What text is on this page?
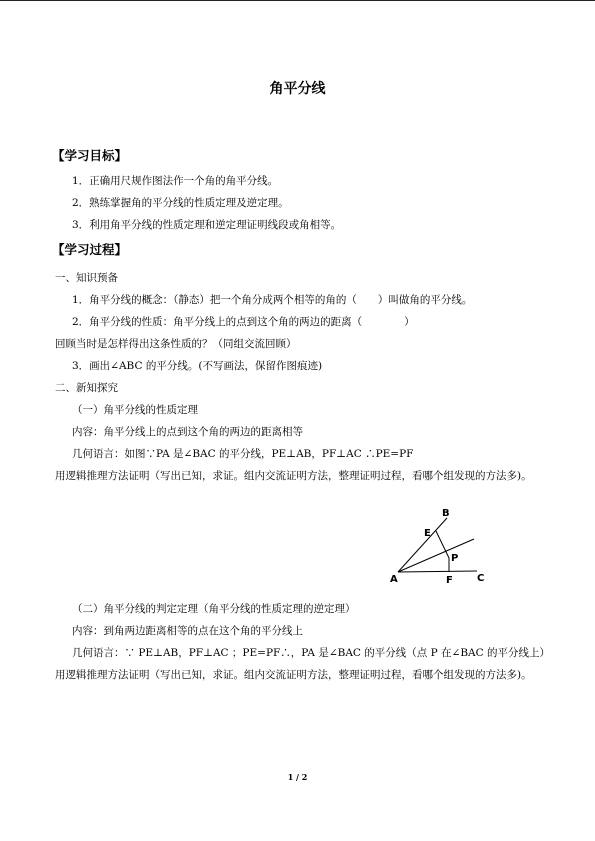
角平分线
【学习目标】
1．正确用尺规作图法作一个角的角平分线。
2．熟练掌握角的平分线的性质定理及逆定理。
3．利用角平分线的性质定理和逆定理证明线段或角相等。
【学习过程】
一、知识预备
1．角平分线的概念：（静态）把一个角分成两个相等的角的（　　）叫做角的平分线。
2．角平分线的性质：角平分线上的点到这个角的两边的距离（　　　　）
回顾当时是怎样得出这条性质的？（同组交流回顾）
3．画出∠ABC 的平分线。(不写画法，保留作图痕迹)
二、新知探究
（一）角平分线的性质定理
内容：角平分线上的点到这个角的两边的距离相等
几何语言：如图∵PA 是∠BAC 的平分线，PE⊥AB，PF⊥AC ∴PE=PF
用逻辑推理方法证明（写出已知，求证。组内交流证明方法，整理证明过程，看哪个组发现的方法多)。
B
E
P
A	F C
（二）角平分线的判定定理（角平分线的性质定理的逆定理）
内容：到角两边距离相等的点在这个角的平分线上
几何语言：∵ PE⊥AB，PF⊥AC ；PE=PF∴，PA 是∠BAC 的平分线（点 P 在∠BAC 的平分线上）用逻辑推理方法证明（写出已知，求证。组内交流证明方法，整理证明过程，看哪个组发现的方法多)。
1 / 2
